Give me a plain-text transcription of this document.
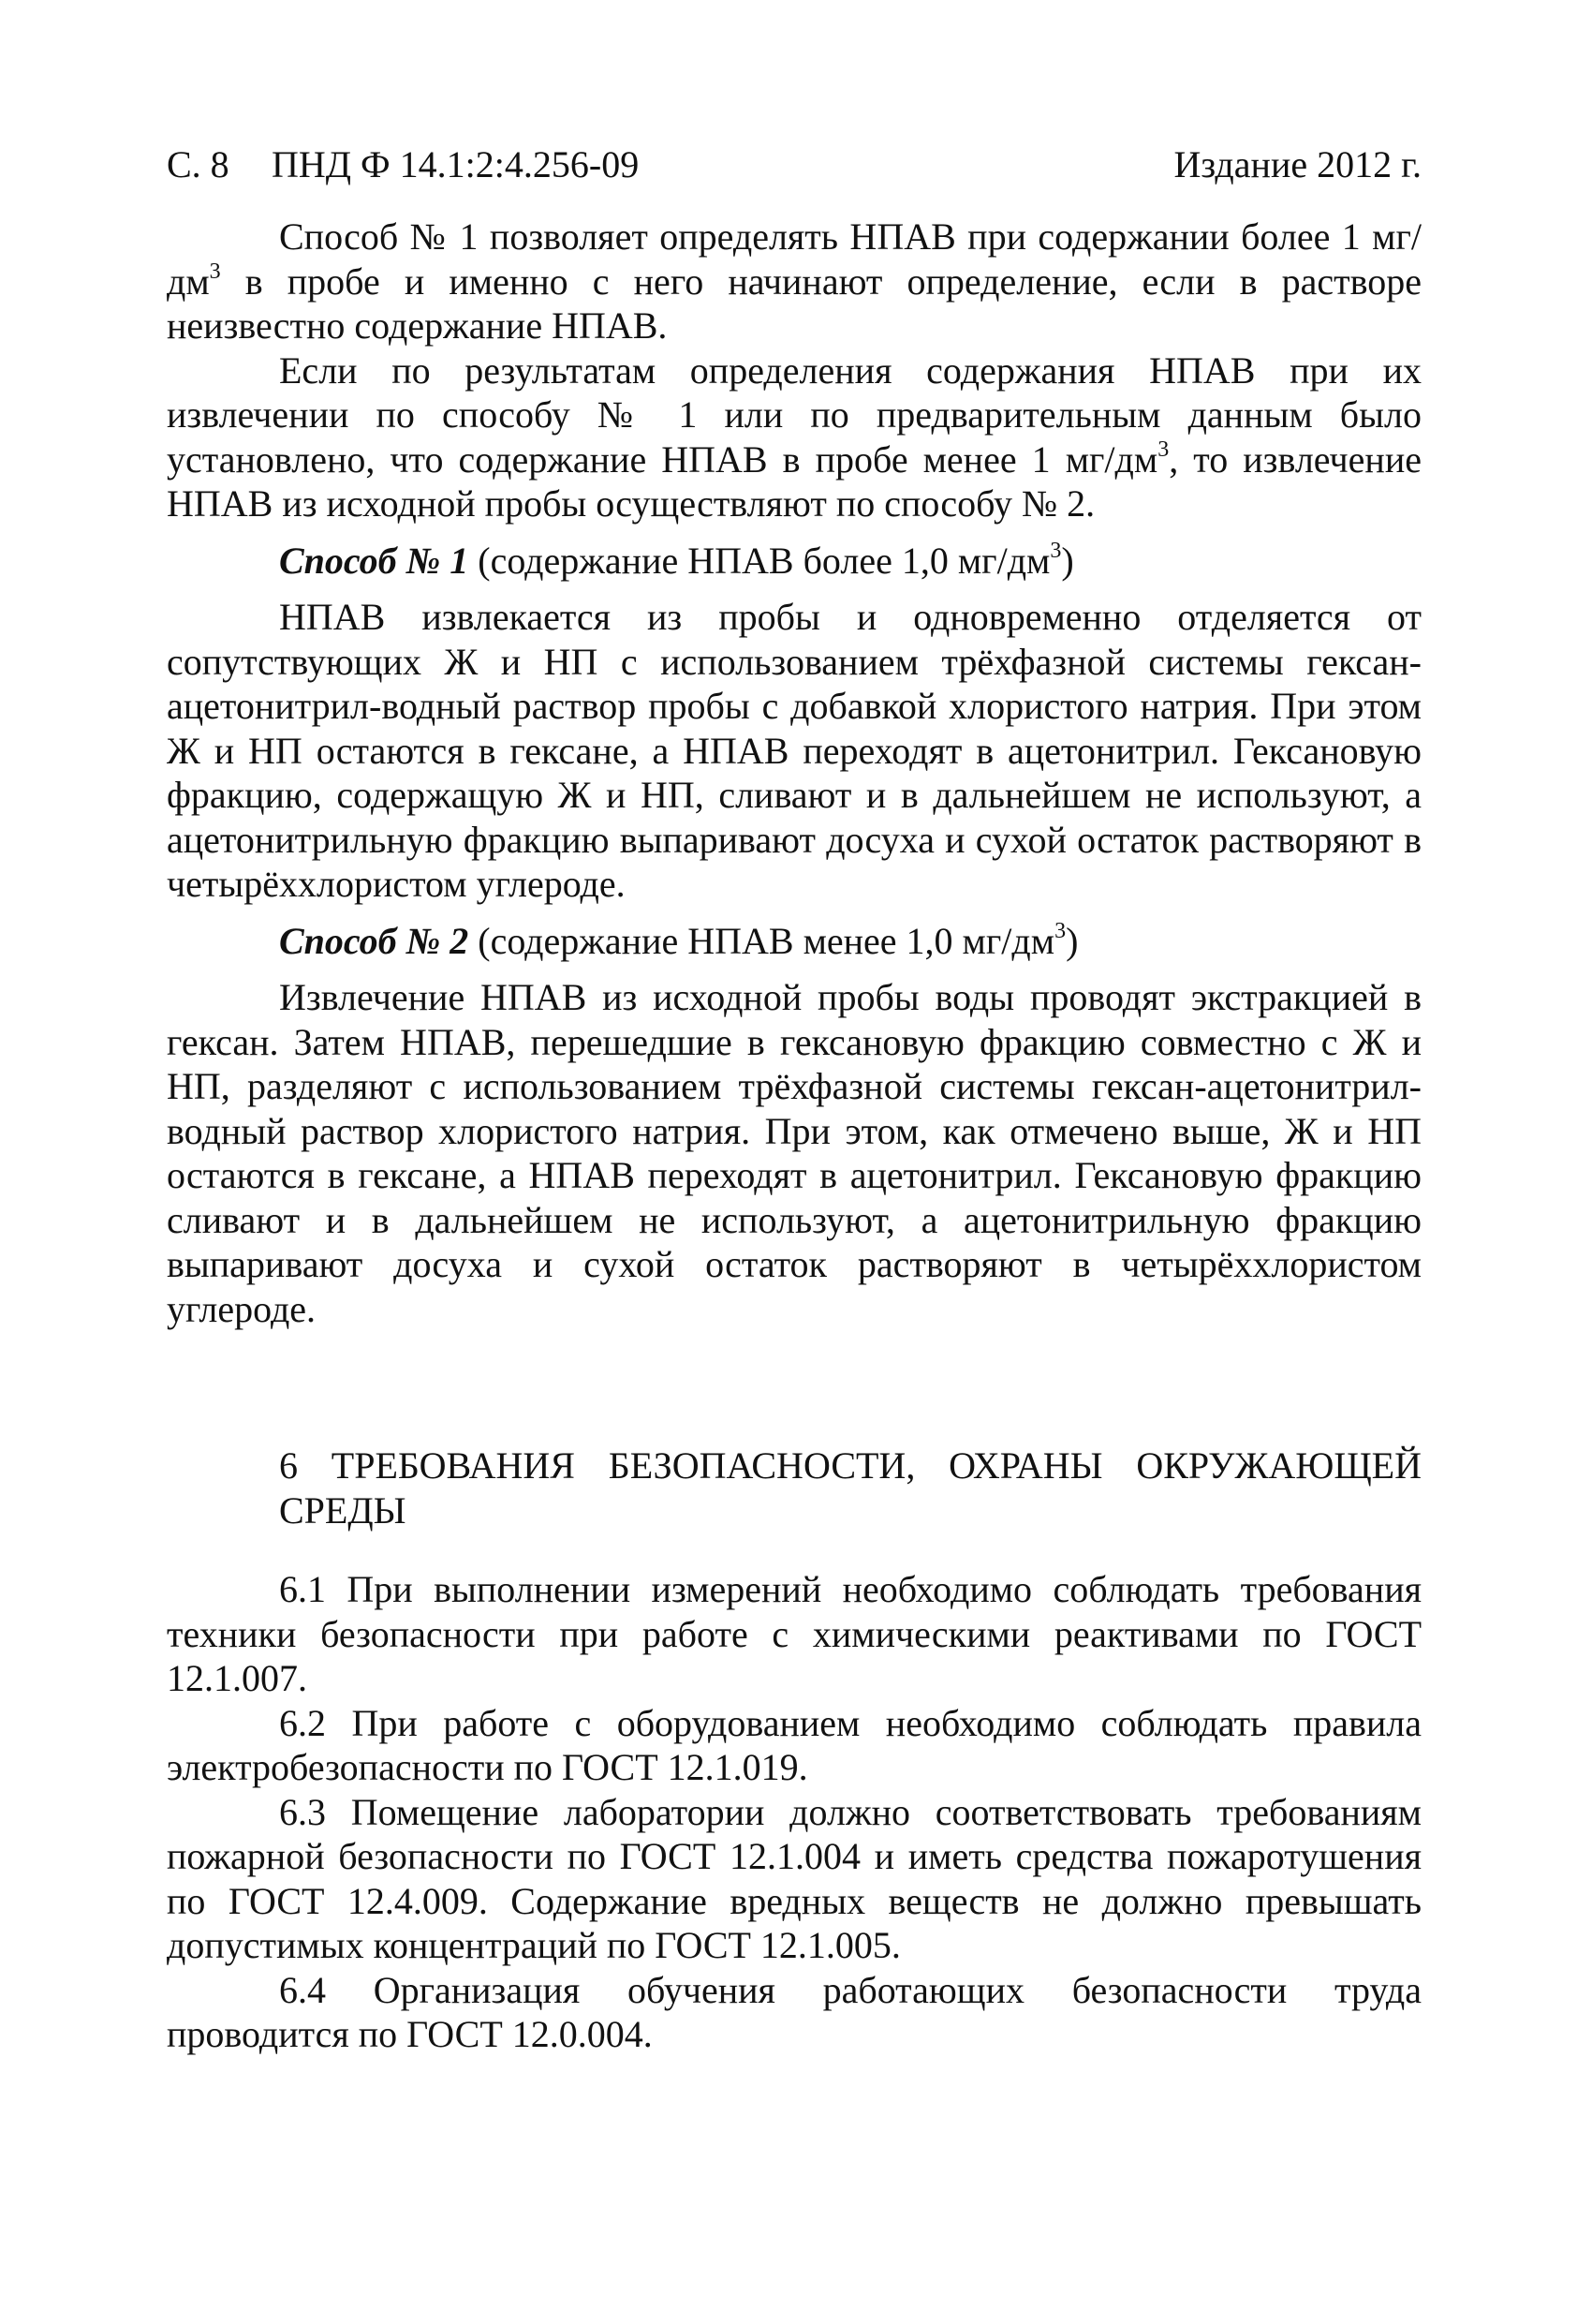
С. 8 ПНД Ф 14.1:2:4.256-09	Издание 2012 г.

Способ № 1 позволяет определять НПАВ при содержании более 1 $мг/дм^3$ в пробе и именно с него начинают определение, если в растворе неизвестно содержание НПАВ.

Если по результатам определения содержания НПАВ при их извлечении по способу № 1 или по предварительным данным было установлено, что содержание НПАВ в пробе менее 1 $мг/дм^3$, то извлечение НПАВ из исходной пробы осуществляют по способу № 2.

Способ № 1 (содержание НПАВ более 1,0 $мг/дм^3$)

НПАВ извлекается из пробы и одновременно отделяется от сопутствующих Ж и НП с использованием трёхфазной системы гексан-ацетонитрил-водный раствор пробы с добавкой хлористого натрия. При этом Ж и НП остаются в гексане, а НПАВ переходят в ацетонитрил. Гексановую фракцию, содержащую Ж и НП, сливают и в дальнейшем не используют, а ацетонитрильную фракцию выпаривают досуха и сухой остаток растворяют в четырёххлористом углероде.

Способ № 2 (содержание НПАВ менее 1,0 $мг/дм^3$)

Извлечение НПАВ из исходной пробы воды проводят экстракцией в гексан. Затем НПАВ, перешедшие в гексановую фракцию совместно с Ж и НП, разделяют с использованием трёхфазной системы гексан-ацетонитрил-водный раствор хлористого натрия. При этом, как отмечено выше, Ж и НП остаются в гексане, а НПАВ переходят в ацетонитрил. Гексановую фракцию сливают и в дальнейшем не используют, а ацетонитрильную фракцию выпаривают досуха и сухой остаток растворяют в четырёххлористом углероде.

6 ТРЕБОВАНИЯ БЕЗОПАСНОСТИ, ОХРАНЫ ОКРУЖАЮЩЕЙ СРЕДЫ

6.1 При выполнении измерений необходимо соблюдать требования техники безопасности при работе с химическими реактивами по ГОСТ 12.1.007.

6.2 При работе с оборудованием необходимо соблюдать правила электробезопасности по ГОСТ 12.1.019.

6.3 Помещение лаборатории должно соответствовать требованиям пожарной безопасности по ГОСТ 12.1.004 и иметь средства пожаротушения по ГОСТ 12.4.009. Содержание вредных веществ не должно превышать допустимых концентраций по ГОСТ 12.1.005.

6.4 Организация обучения работающих безопасности труда проводится по ГОСТ 12.0.004.
